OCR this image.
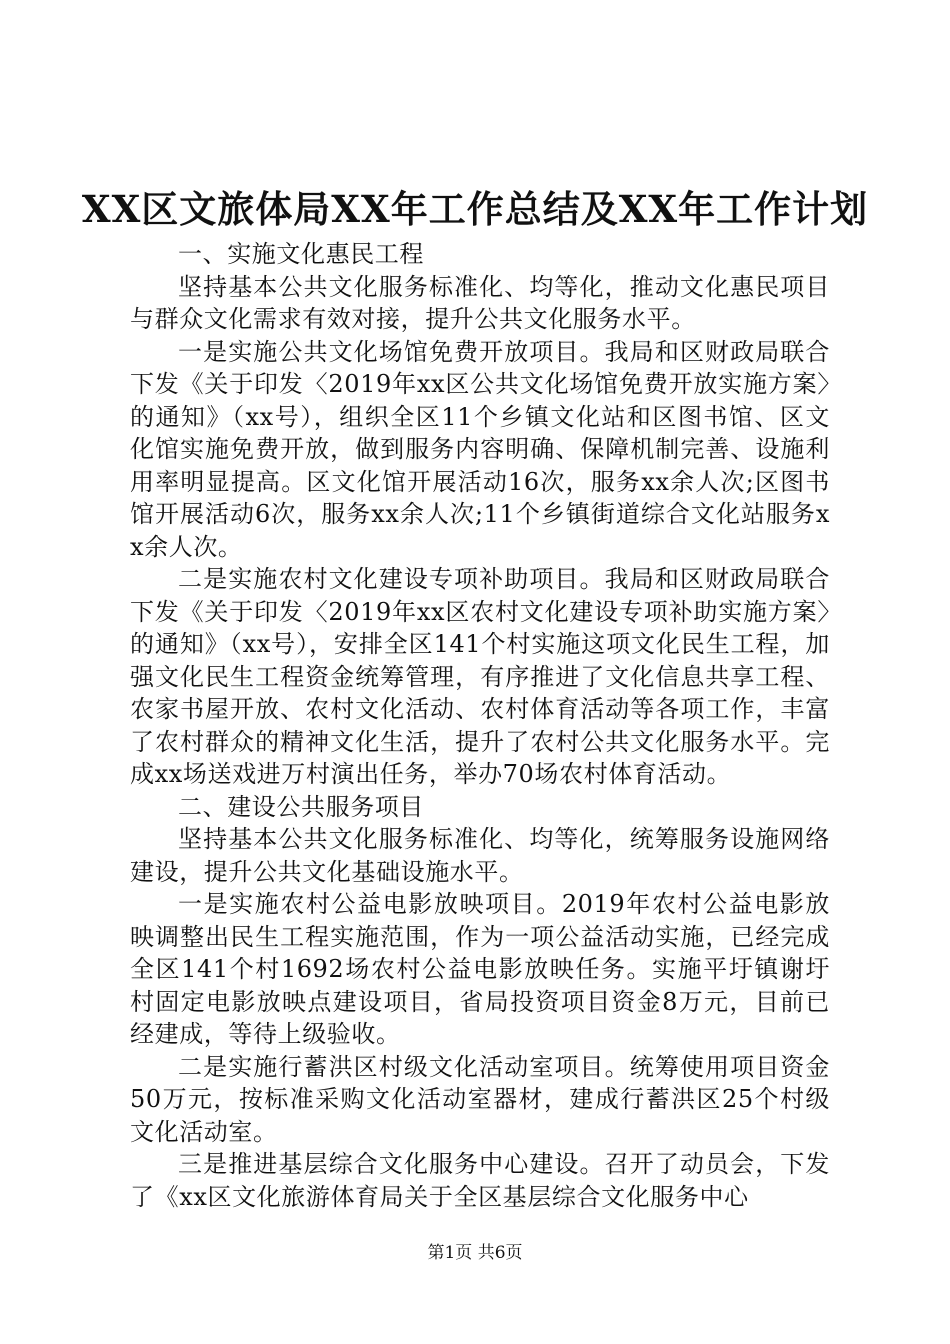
XX区文旅体局XX年工作总结及XX年工作计划

一、实施文化惠民工程

坚持基本公共文化服务标准化、均等化，推动文化惠民项目与群众文化需求有效对接，提升公共文化服务水平。

一是实施公共文化场馆免费开放项目。我局和区财政局联合下发《关于印发〈2019年xx区公共文化场馆免费开放实施方案〉的通知》（xx号），组织全区11个乡镇文化站和区图书馆、区文化馆实施免费开放，做到服务内容明确、保障机制完善、设施利用率明显提高。区文化馆开展活动16次，服务xx余人次;区图书馆开展活动6次，服务xx余人次;11个乡镇街道综合文化站服务xx余人次。

二是实施农村文化建设专项补助项目。我局和区财政局联合下发《关于印发〈2019年xx区农村文化建设专项补助实施方案〉的通知》（xx号），安排全区141个村实施这项文化民生工程，加强文化民生工程资金统筹管理，有序推进了文化信息共享工程、农家书屋开放、农村文化活动、农村体育活动等各项工作，丰富了农村群众的精神文化生活，提升了农村公共文化服务水平。完成xx场送戏进万村演出任务，举办70场农村体育活动。

二、建设公共服务项目

坚持基本公共文化服务标准化、均等化，统筹服务设施网络建设，提升公共文化基础设施水平。

一是实施农村公益电影放映项目。2019年农村公益电影放映调整出民生工程实施范围，作为一项公益活动实施，已经完成全区141个村1692场农村公益电影放映任务。实施平圩镇谢圩村固定电影放映点建设项目，省局投资项目资金8万元，目前已经建成，等待上级验收。

二是实施行蓄洪区村级文化活动室项目。统筹使用项目资金50万元，按标准采购文化活动室器材，建成行蓄洪区25个村级文化活动室。

三是推进基层综合文化服务中心建设。召开了动员会，下发了《xx区文化旅游体育局关于全区基层综合文化服务中心

第1页 共6页
